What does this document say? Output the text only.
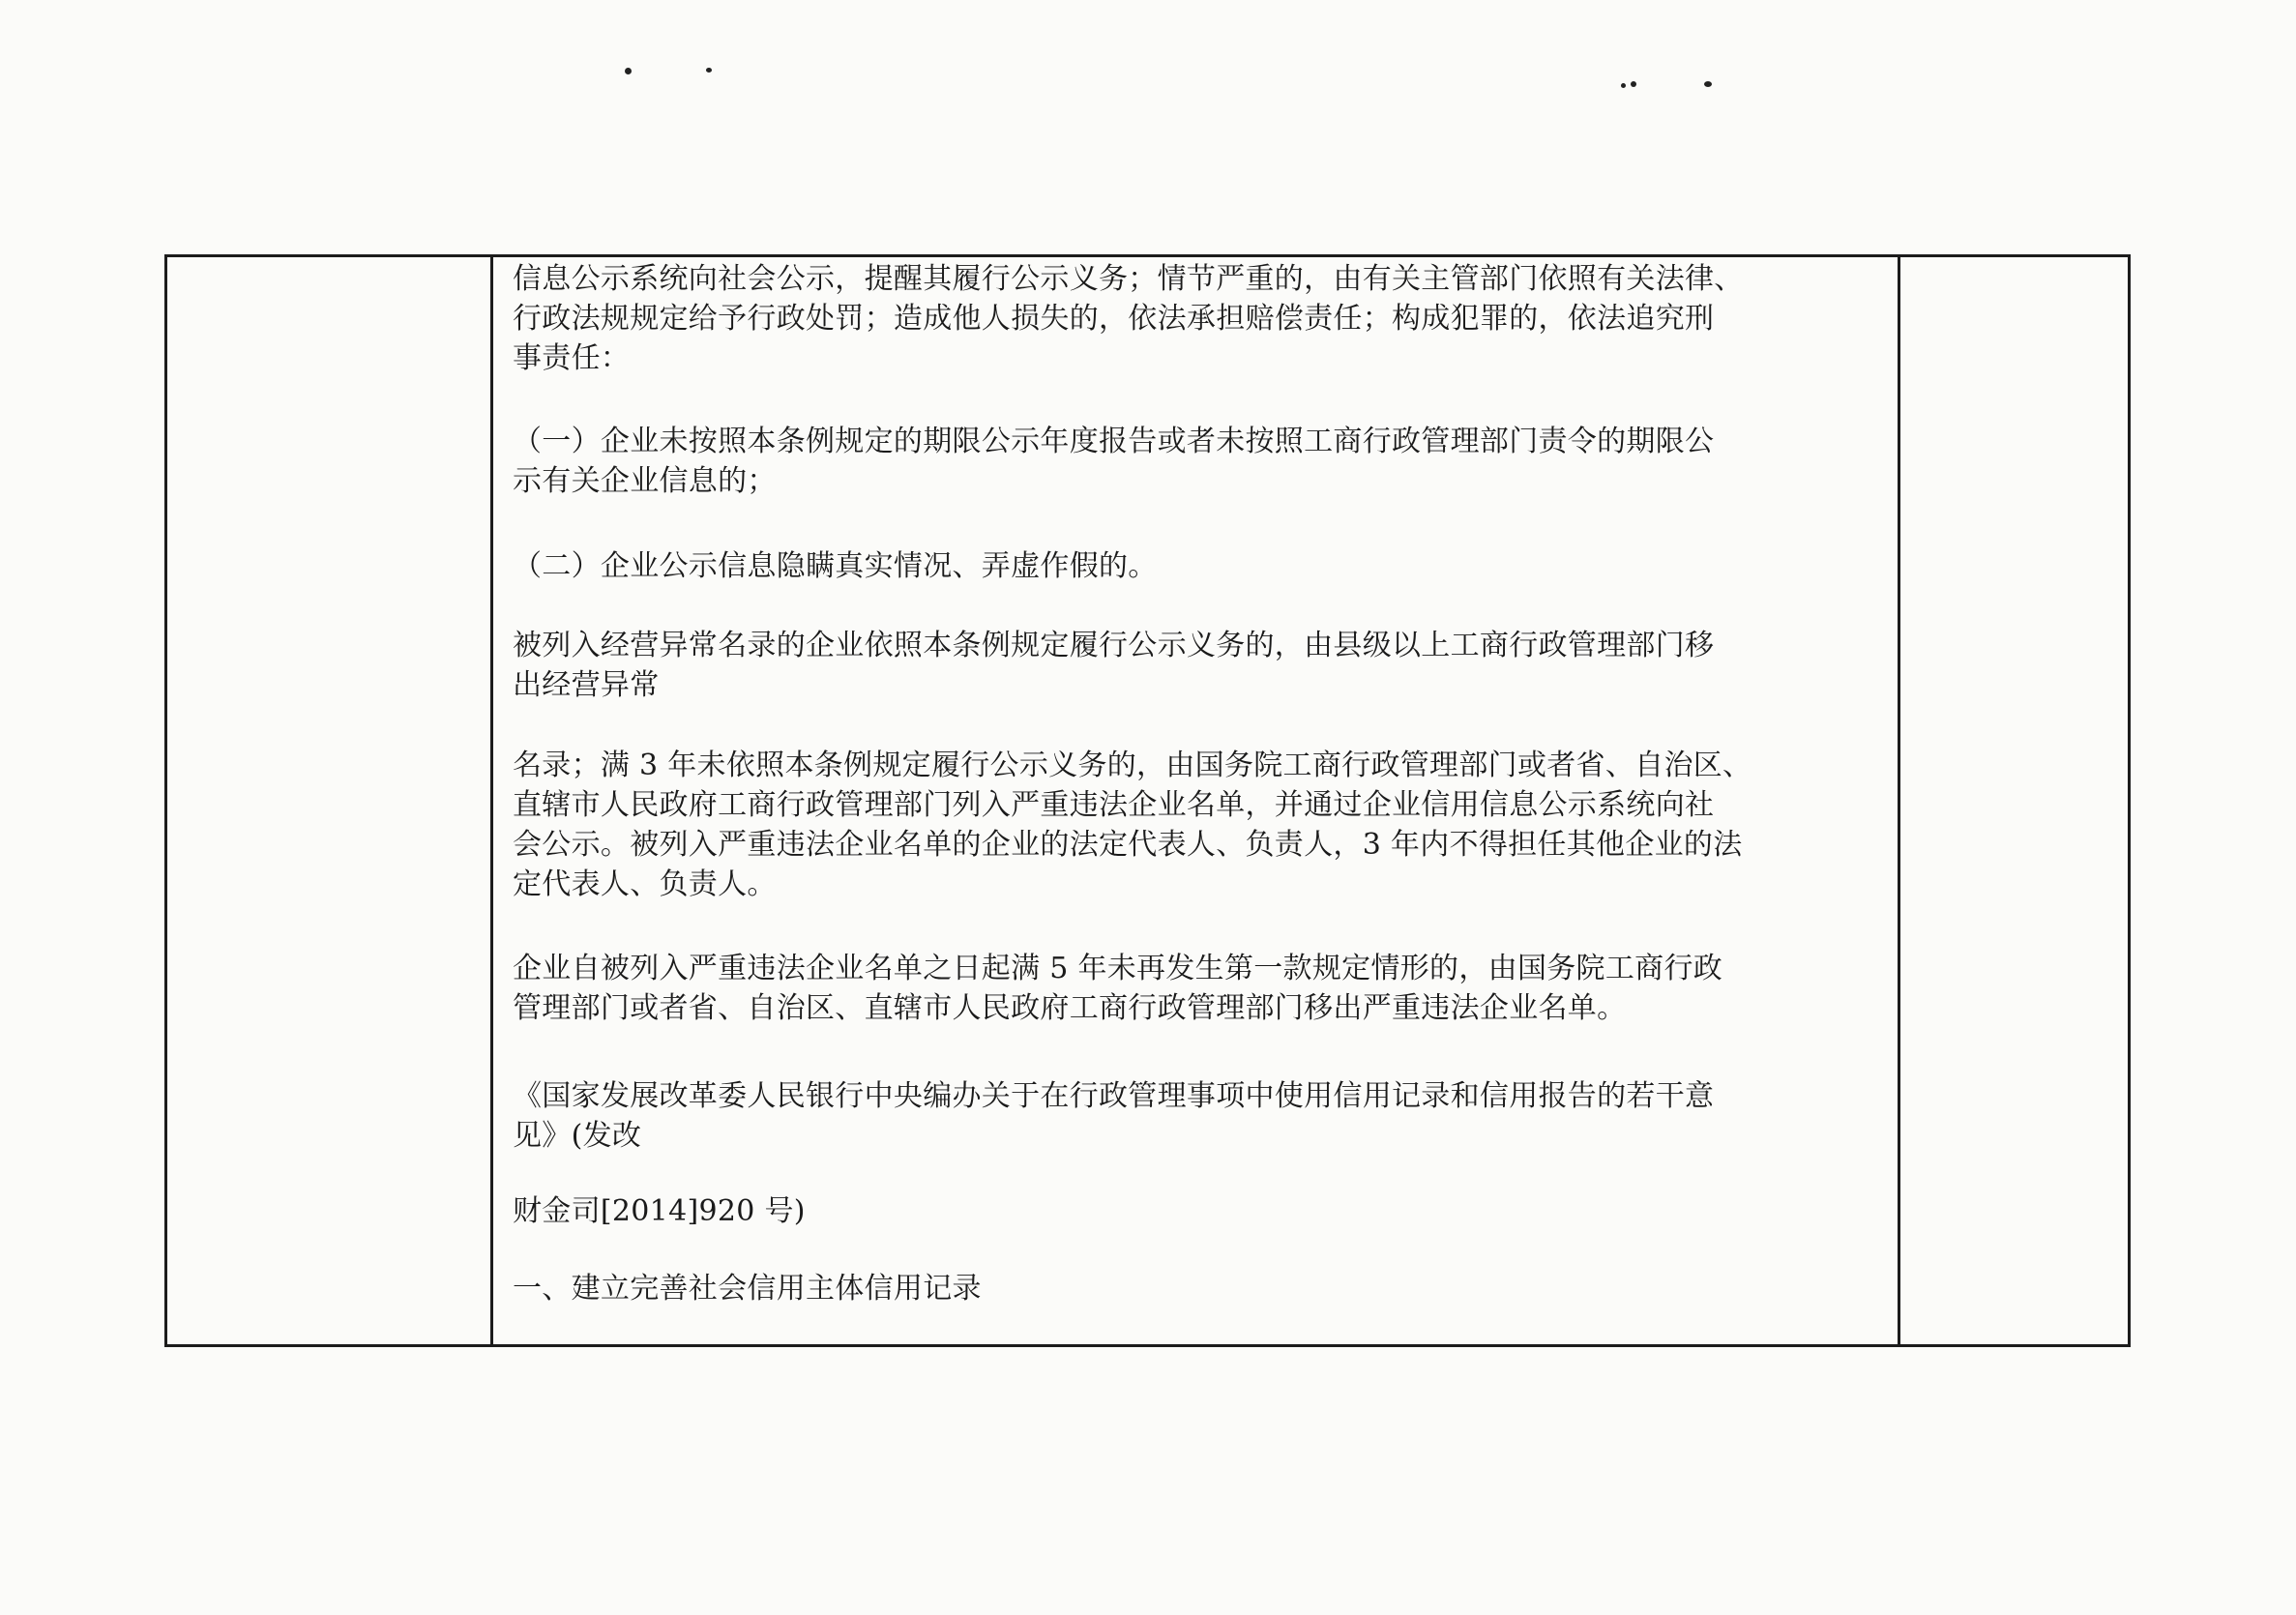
信息公示系统向社会公示，提醒其履行公示义务；情节严重的，由有关主管部门依照有关法律、
行政法规规定给予行政处罚；造成他人损失的，依法承担赔偿责任；构成犯罪的，依法追究刑
事责任：

（一）企业未按照本条例规定的期限公示年度报告或者未按照工商行政管理部门责令的期限公
示有关企业信息的；

（二）企业公示信息隐瞒真实情况、弄虚作假的。

被列入经营异常名录的企业依照本条例规定履行公示义务的，由县级以上工商行政管理部门移
出经营异常

名录；满 3 年未依照本条例规定履行公示义务的，由国务院工商行政管理部门或者省、自治区、
直辖市人民政府工商行政管理部门列入严重违法企业名单，并通过企业信用信息公示系统向社
会公示。被列入严重违法企业名单的企业的法定代表人、负责人，3 年内不得担任其他企业的法
定代表人、负责人。

企业自被列入严重违法企业名单之日起满 5 年未再发生第一款规定情形的，由国务院工商行政
管理部门或者省、自治区、直辖市人民政府工商行政管理部门移出严重违法企业名单。

《国家发展改革委人民银行中央编办关于在行政管理事项中使用信用记录和信用报告的若干意
见》(发改

财金司[2014]920 号)

一、建立完善社会信用主体信用记录
